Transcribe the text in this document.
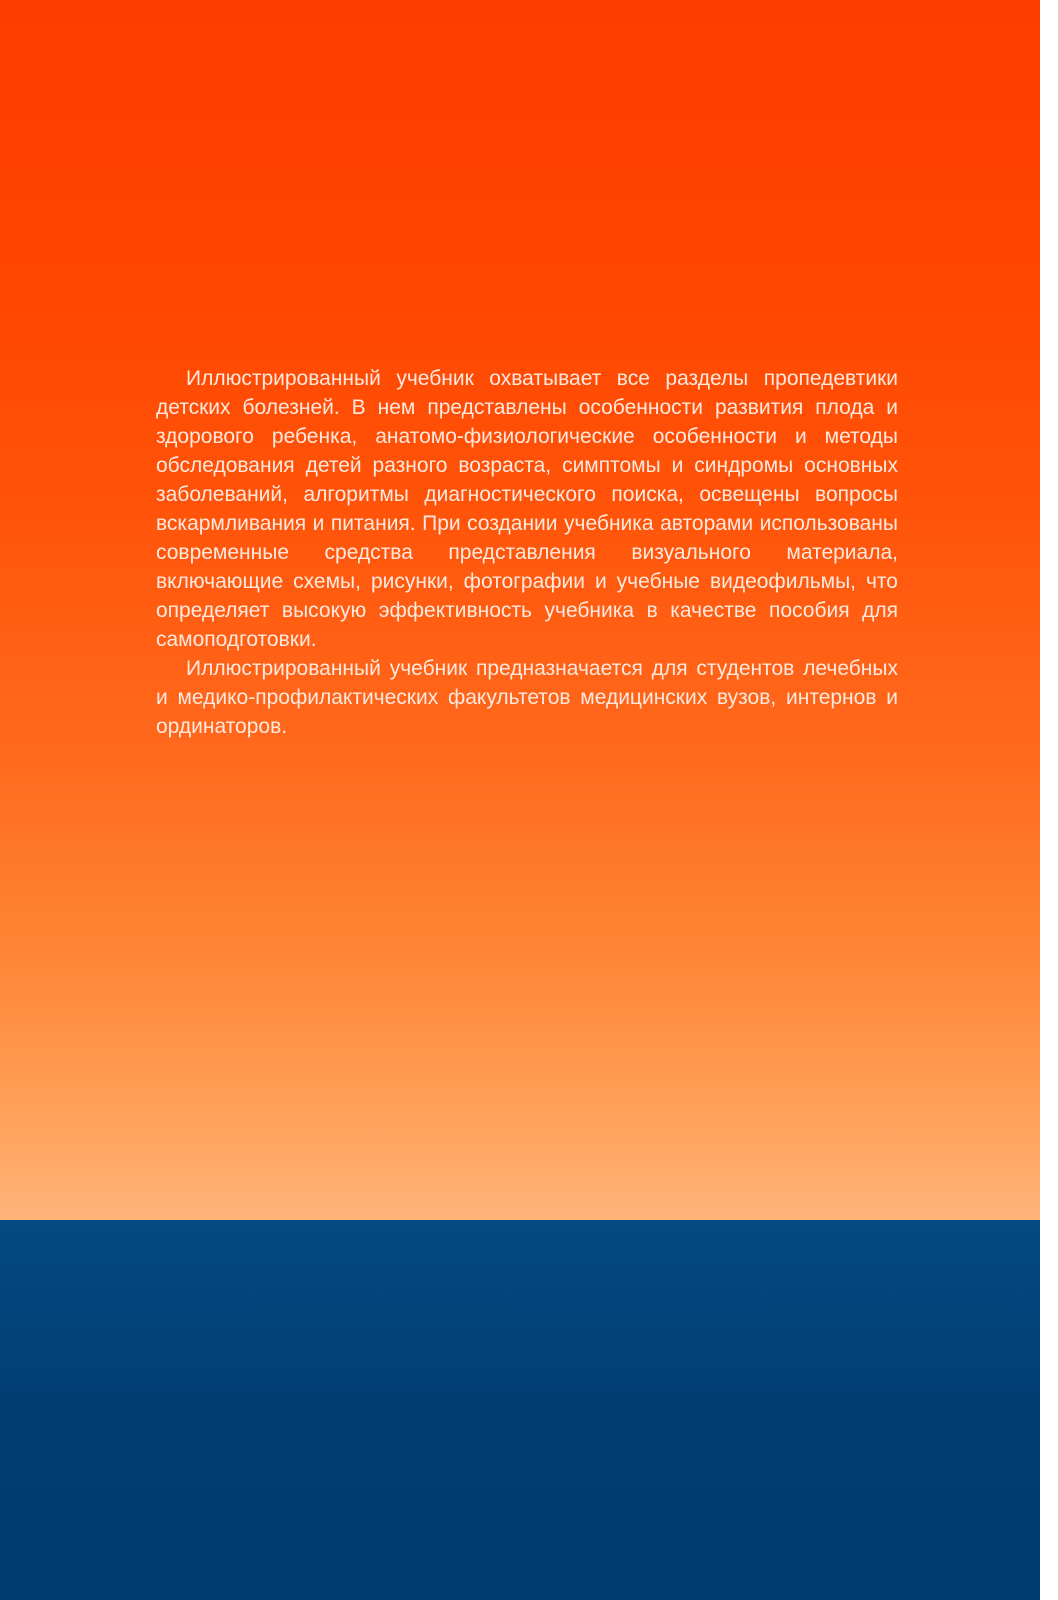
Иллюстрированный учебник охватывает все разделы пропедевтики детских болезней. В нем представлены особенности развития плода и здорового ребенка, анатомо-физиологические особенности и методы обследования детей разного возраста, симптомы и синдромы основных заболеваний, алгоритмы диагностического поиска, освещены вопросы вскармливания и питания. При создании учебника авторами использованы современные средства представления визуального материала, включающие схемы, рисунки, фотографии и учебные видеофильмы, что определяет высокую эффективность учебника в качестве пособия для самоподготовки.

Иллюстрированный учебник предназначается для студентов лечебных и медико-профилактических факультетов медицинских вузов, интернов и ординаторов.
